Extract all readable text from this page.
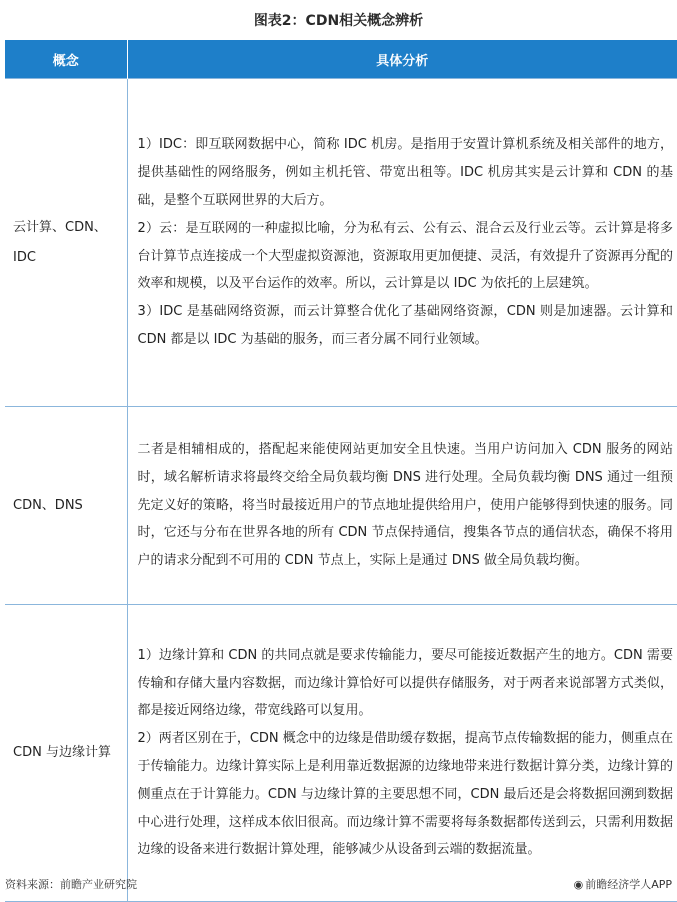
图表2：CDN相关概念辨析
概念	具体分析
云计算、CDN、IDC	1）IDC：即互联网数据中心，简称 IDC 机房。是指用于安置计算机系统及相关部件的地方，提供基础性的网络服务，例如主机托管、带宽出租等。IDC 机房其实是云计算和 CDN 的基础，是整个互联网世界的大后方。

2）云：是互联网的一种虚拟比喻，分为私有云、公有云、混合云及行业云等。云计算是将多台计算节点连接成一个大型虚拟资源池，资源取用更加便捷、灵活，有效提升了资源再分配的效率和规模，以及平台运作的效率。所以，云计算是以 IDC 为依托的上层建筑。

3）IDC 是基础网络资源，而云计算整合优化了基础网络资源，CDN 则是加速器。云计算和 CDN 都是以 IDC 为基础的服务，而三者分属不同行业领域。

CDN、DNS	二者是相辅相成的，搭配起来能使网站更加安全且快速。当用户访问加入 CDN 服务的网站时，域名解析请求将最终交给全局负载均衡 DNS 进行处理。全局负载均衡 DNS 通过一组预先定义好的策略，将当时最接近用户的节点地址提供给用户，使用户能够得到快速的服务。同时，它还与分布在世界各地的所有 CDN 节点保持通信，搜集各节点的通信状态，确保不将用户的请求分配到不可用的 CDN 节点上，实际上是通过 DNS 做全局负载均衡。

CDN 与边缘计算	1）边缘计算和 CDN 的共同点就是要求传输能力，要尽可能接近数据产生的地方。CDN 需要传输和存储大量内容数据，而边缘计算恰好可以提供存储服务，对于两者来说部署方式类似，都是接近网络边缘，带宽线路可以复用。

2）两者区别在于，CDN 概念中的边缘是借助缓存数据，提高节点传输数据的能力，侧重点在于传输能力。边缘计算实际上是利用靠近数据源的边缘地带来进行数据计算分类，边缘计算的侧重点在于计算能力。CDN 与边缘计算的主要思想不同，CDN 最后还是会将数据回溯到数据中心进行处理，这样成本依旧很高。而边缘计算不需要将每条数据都传送到云，只需利用数据边缘的设备来进行数据计算处理，能够减少从设备到云端的数据流量。

资料来源：前瞻产业研究院	◉ 前瞻经济学人APP
